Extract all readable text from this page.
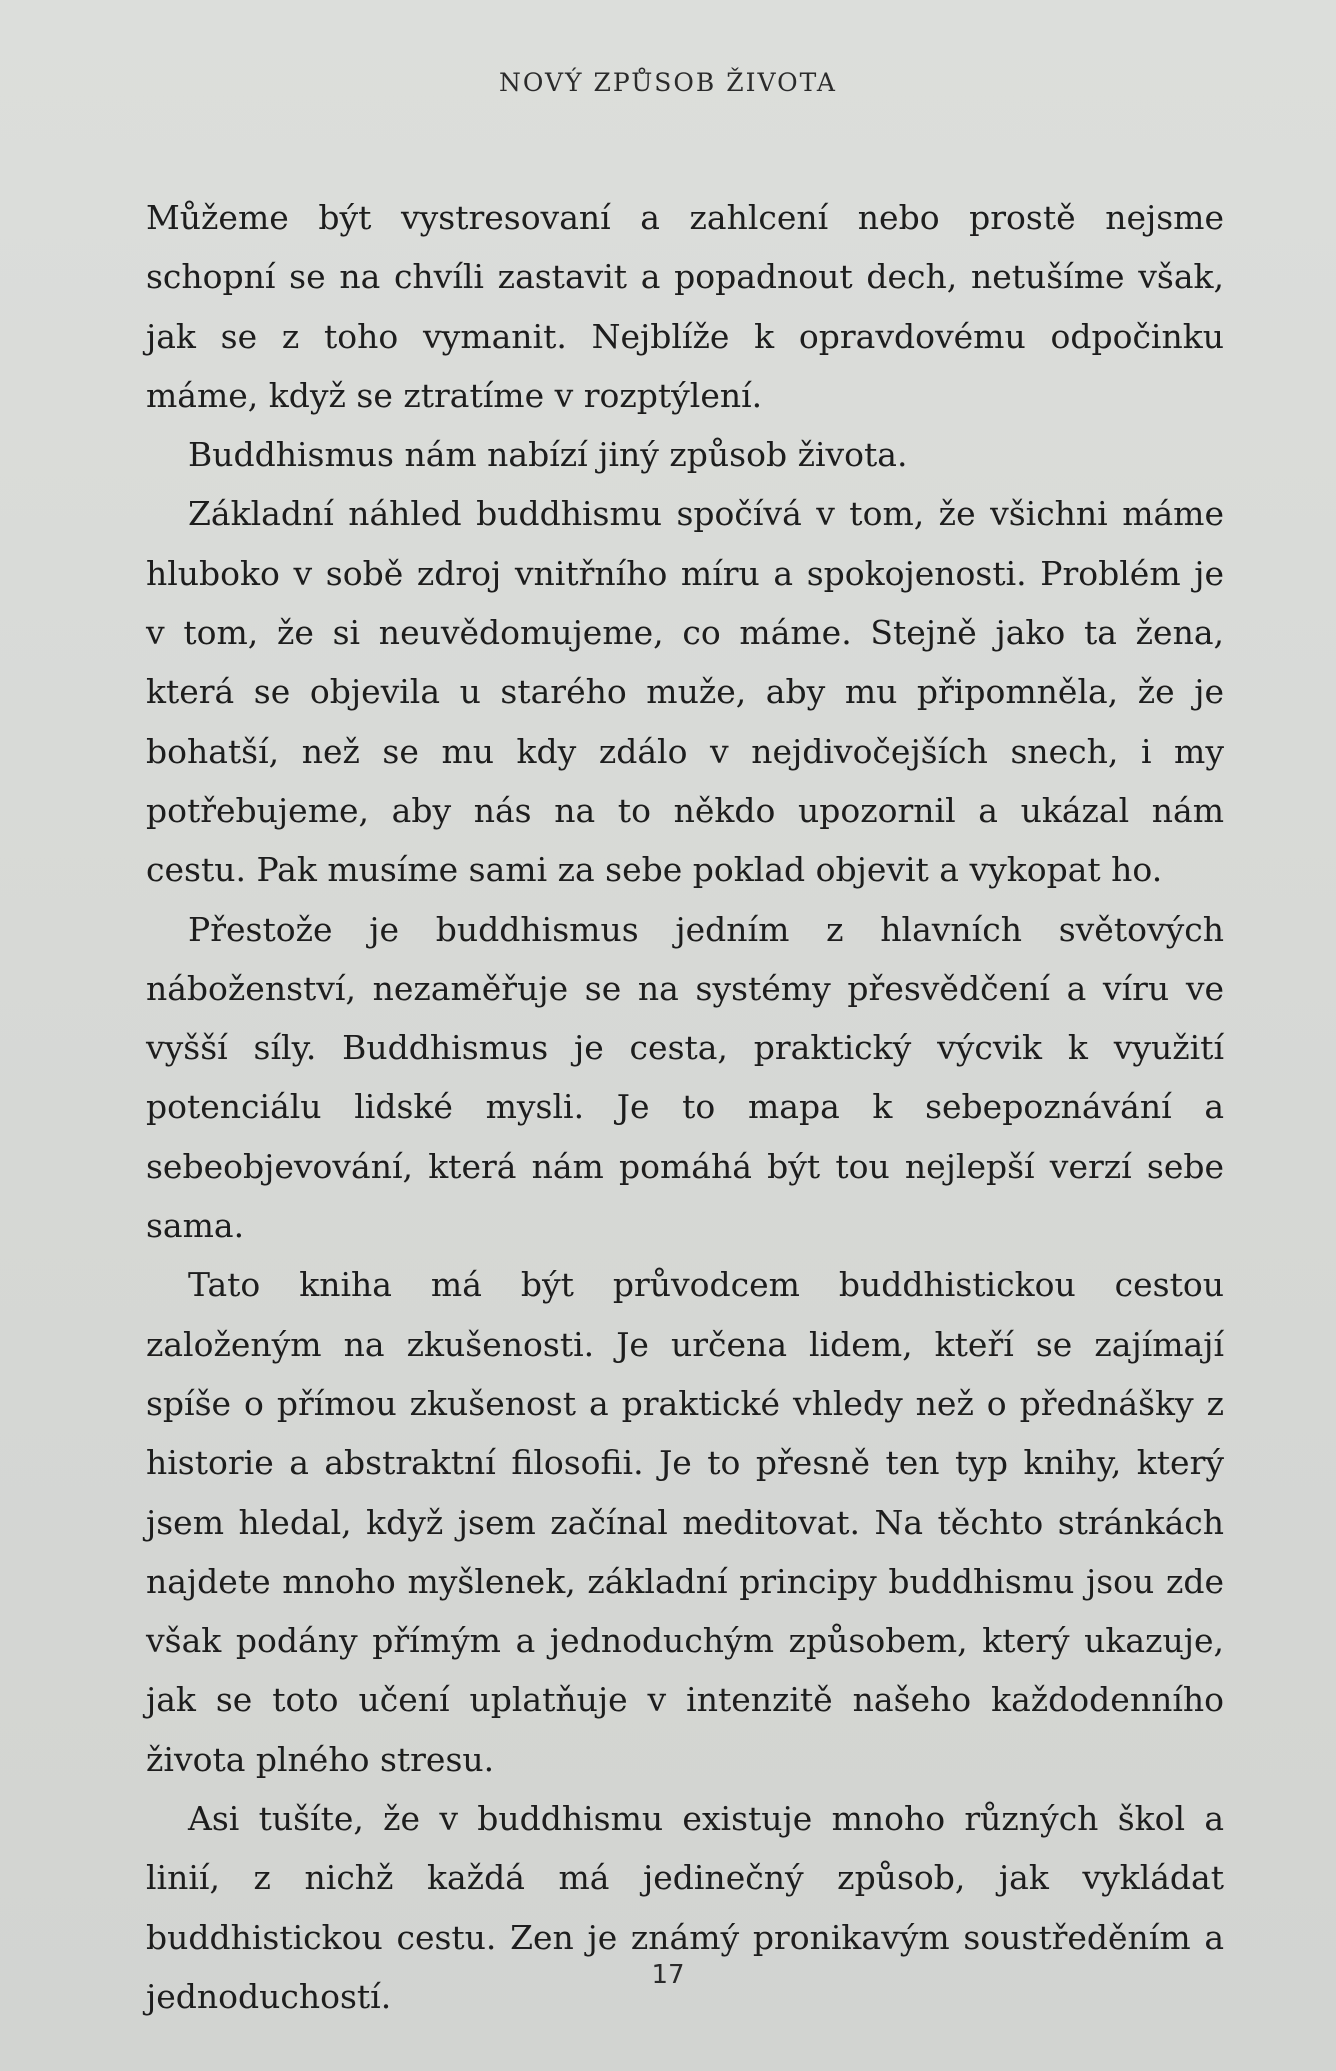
NOVÝ ZPŮSOB ŽIVOTA

Můžeme být vystresovaní a zahlcení nebo prostě nejsme schopní se na chvíli zastavit a popadnout dech, netušíme však, jak se z toho vymanit. Nejblíže k opravdovému odpočinku máme, když se ztratíme v rozptýlení.

Buddhismus nám nabízí jiný způsob života.

Základní náhled buddhismu spočívá v tom, že všichni máme hluboko v sobě zdroj vnitřního míru a spokojenosti. Problém je v tom, že si neuvědomujeme, co máme. Stejně jako ta žena, která se objevila u starého muže, aby mu připomněla, že je bohatší, než se mu kdy zdálo v nejdivočejších snech, i my potřebujeme, aby nás na to někdo upozornil a ukázal nám cestu. Pak musíme sami za sebe poklad objevit a vykopat ho.

Přestože je buddhismus jedním z hlavních světových náboženství, nezaměřuje se na systémy přesvědčení a víru ve vyšší síly. Buddhismus je cesta, praktický výcvik k využití potenciálu lidské mysli. Je to mapa k sebepoznávání a sebeobjevování, která nám pomáhá být tou nejlepší verzí sebe sama.

Tato kniha má být průvodcem buddhistickou cestou založeným na zkušenosti. Je určena lidem, kteří se zajímají spíše o přímou zkušenost a praktické vhledy než o přednášky z historie a abstraktní filosofii. Je to přesně ten typ knihy, který jsem hledal, když jsem začínal meditovat. Na těchto stránkách najdete mnoho myšlenek, základní principy buddhismu jsou zde však podány přímým a jednoduchým způsobem, který ukazuje, jak se toto učení uplatňuje v intenzitě našeho každodenního života plného stresu.

Asi tušíte, že v buddhismu existuje mnoho různých škol a linií, z nichž každá má jedinečný způsob, jak vykládat buddhistickou cestu. Zen je známý pronikavým soustředěním a jednoduchostí.

17
